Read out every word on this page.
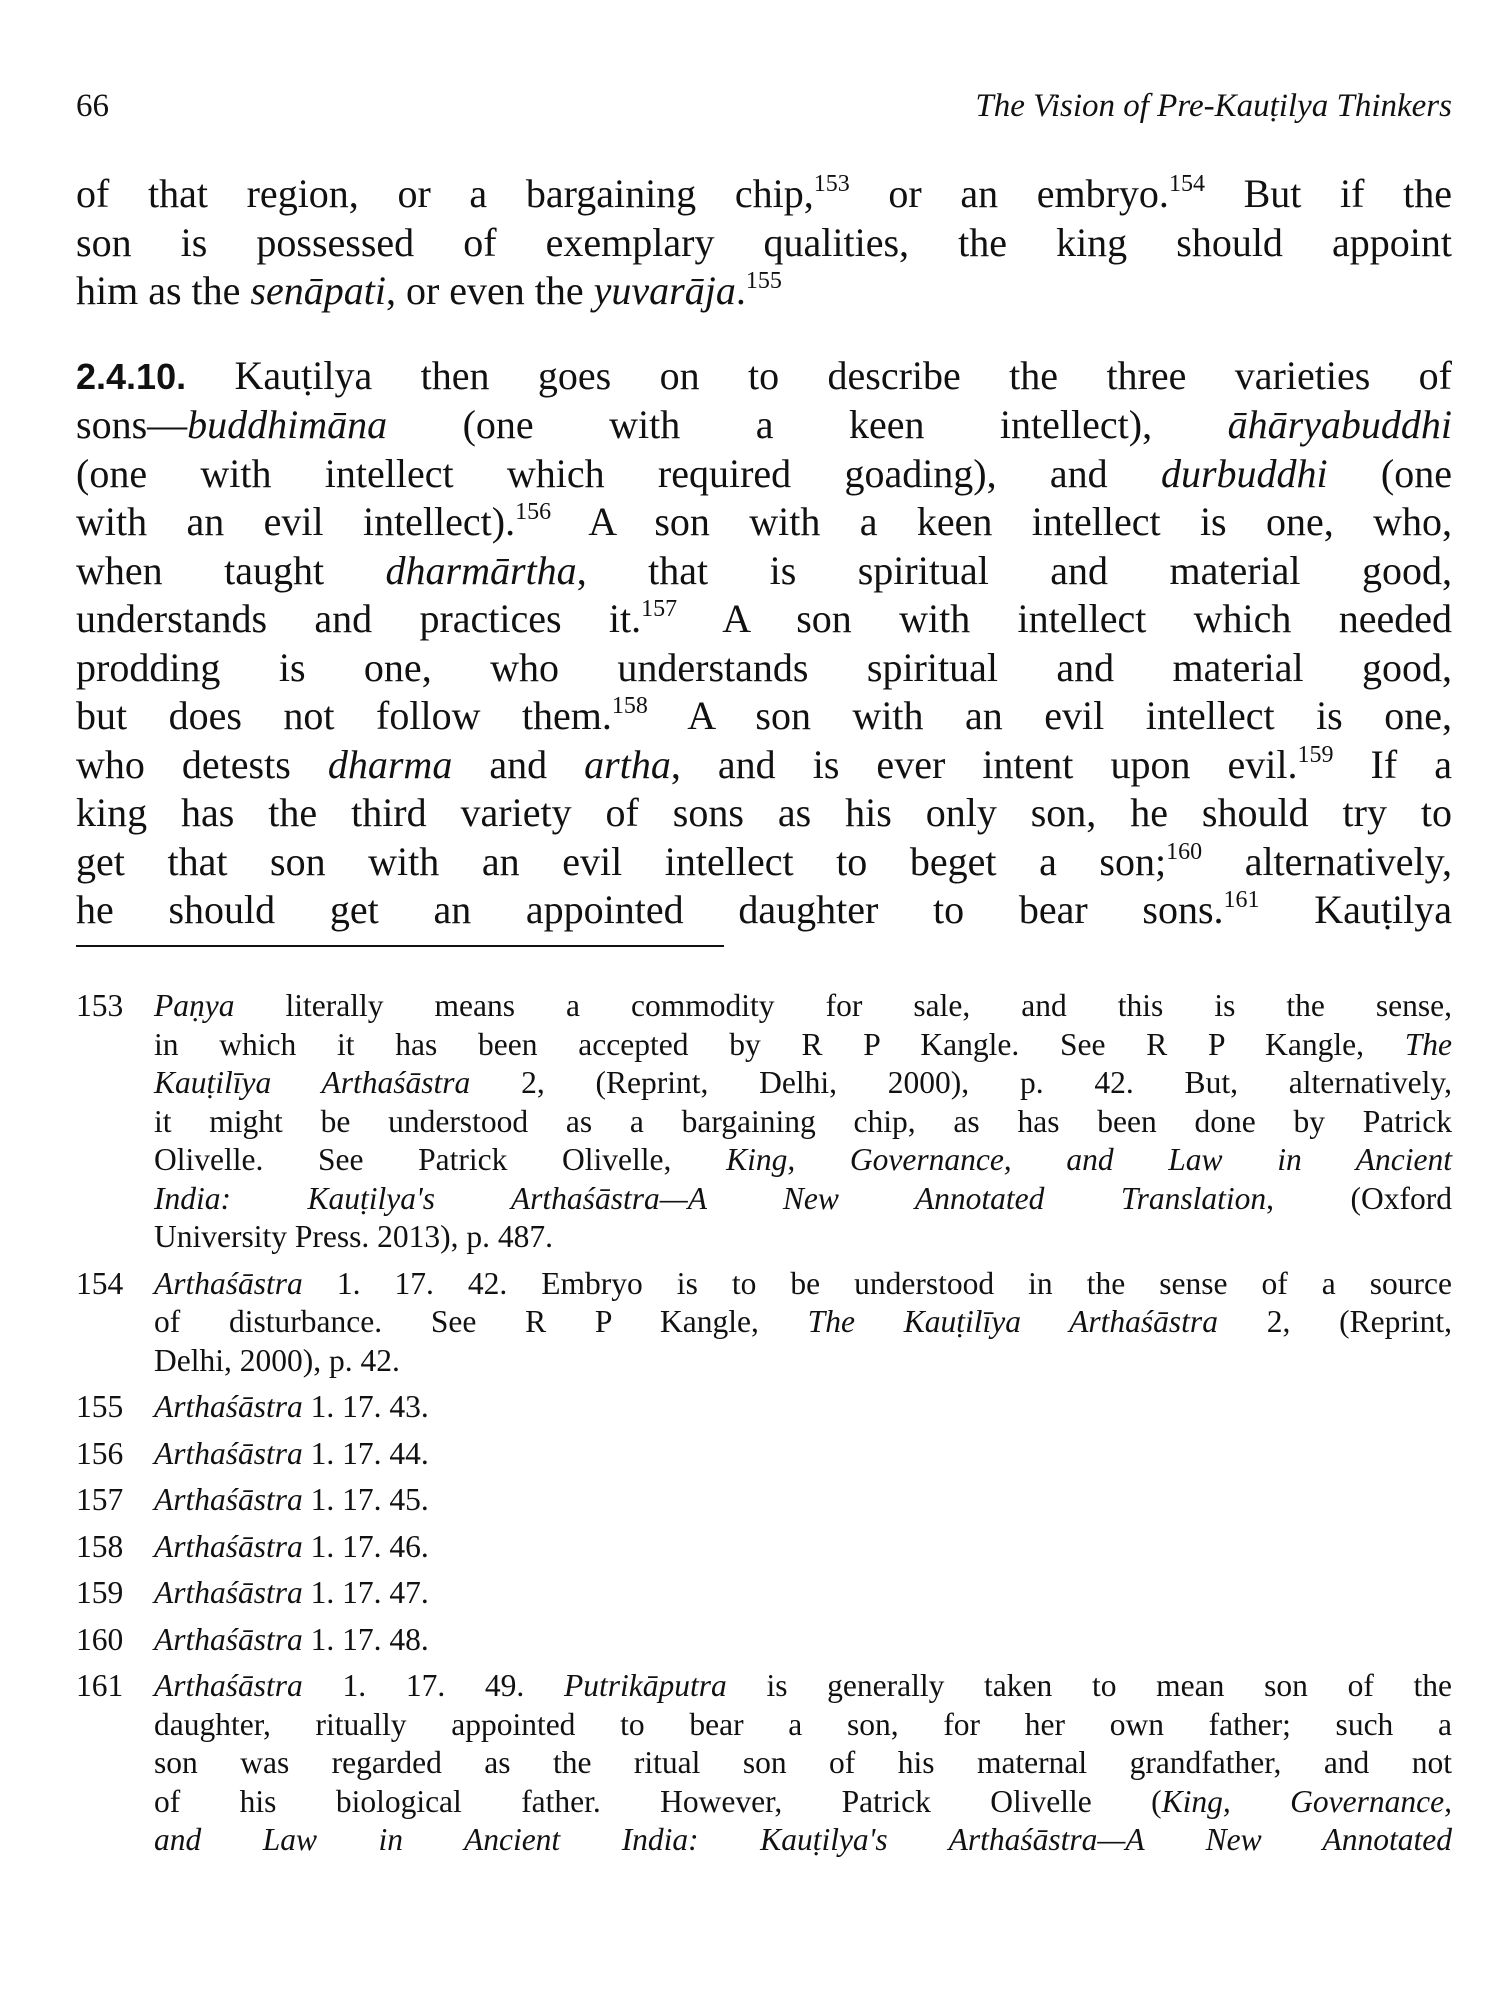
66	The Vision of Pre-Kauṭilya Thinkers

of that region, or a bargaining chip,$^{153}$ or an embryo.$^{154}$ But if the
son is possessed of exemplary qualities, the king should appoint
him as the senāpati, or even the yuvarāja.$^{155}$

2.4.10. Kauṭilya then goes on to describe the three varieties of
sons—buddhimāna (one with a keen intellect), āhāryabuddhi
(one with intellect which required goading), and durbuddhi (one
with an evil intellect).$^{156}$ A son with a keen intellect is one, who,
when taught dharmārtha, that is spiritual and material good,
understands and practices it.$^{157}$ A son with intellect which needed
prodding is one, who understands spiritual and material good,
but does not follow them.$^{158}$ A son with an evil intellect is one,
who detests dharma and artha, and is ever intent upon evil.$^{159}$ If a
king has the third variety of sons as his only son, he should try to
get that son with an evil intellect to beget a son;$^{160}$ alternatively,
he should get an appointed daughter to bear sons.$^{161}$ Kauṭilya

153 Paṇya literally means a commodity for sale, and this is the sense,
in which it has been accepted by R P Kangle. See R P Kangle, The
Kauṭilīya Arthaśāstra 2, (Reprint, Delhi, 2000), p. 42. But, alternatively,
it might be understood as a bargaining chip, as has been done by Patrick
Olivelle. See Patrick Olivelle, King, Governance, and Law in Ancient
India: Kauṭilya's Arthaśāstra—A New Annotated Translation, (Oxford
University Press. 2013), p. 487.
154 Arthaśāstra 1. 17. 42. Embryo is to be understood in the sense of a source
of disturbance. See R P Kangle, The Kauṭilīya Arthaśāstra 2, (Reprint,
Delhi, 2000), p. 42.
155 Arthaśāstra 1. 17. 43.
156 Arthaśāstra 1. 17. 44.
157 Arthaśāstra 1. 17. 45.
158 Arthaśāstra 1. 17. 46.
159 Arthaśāstra 1. 17. 47.
160 Arthaśāstra 1. 17. 48.
161 Arthaśāstra 1. 17. 49. Putrikāputra is generally taken to mean son of the
daughter, ritually appointed to bear a son, for her own father; such a
son was regarded as the ritual son of his maternal grandfather, and not
of his biological father. However, Patrick Olivelle (King, Governance,
and Law in Ancient India: Kauṭilya's Arthaśāstra—A New Annotated
